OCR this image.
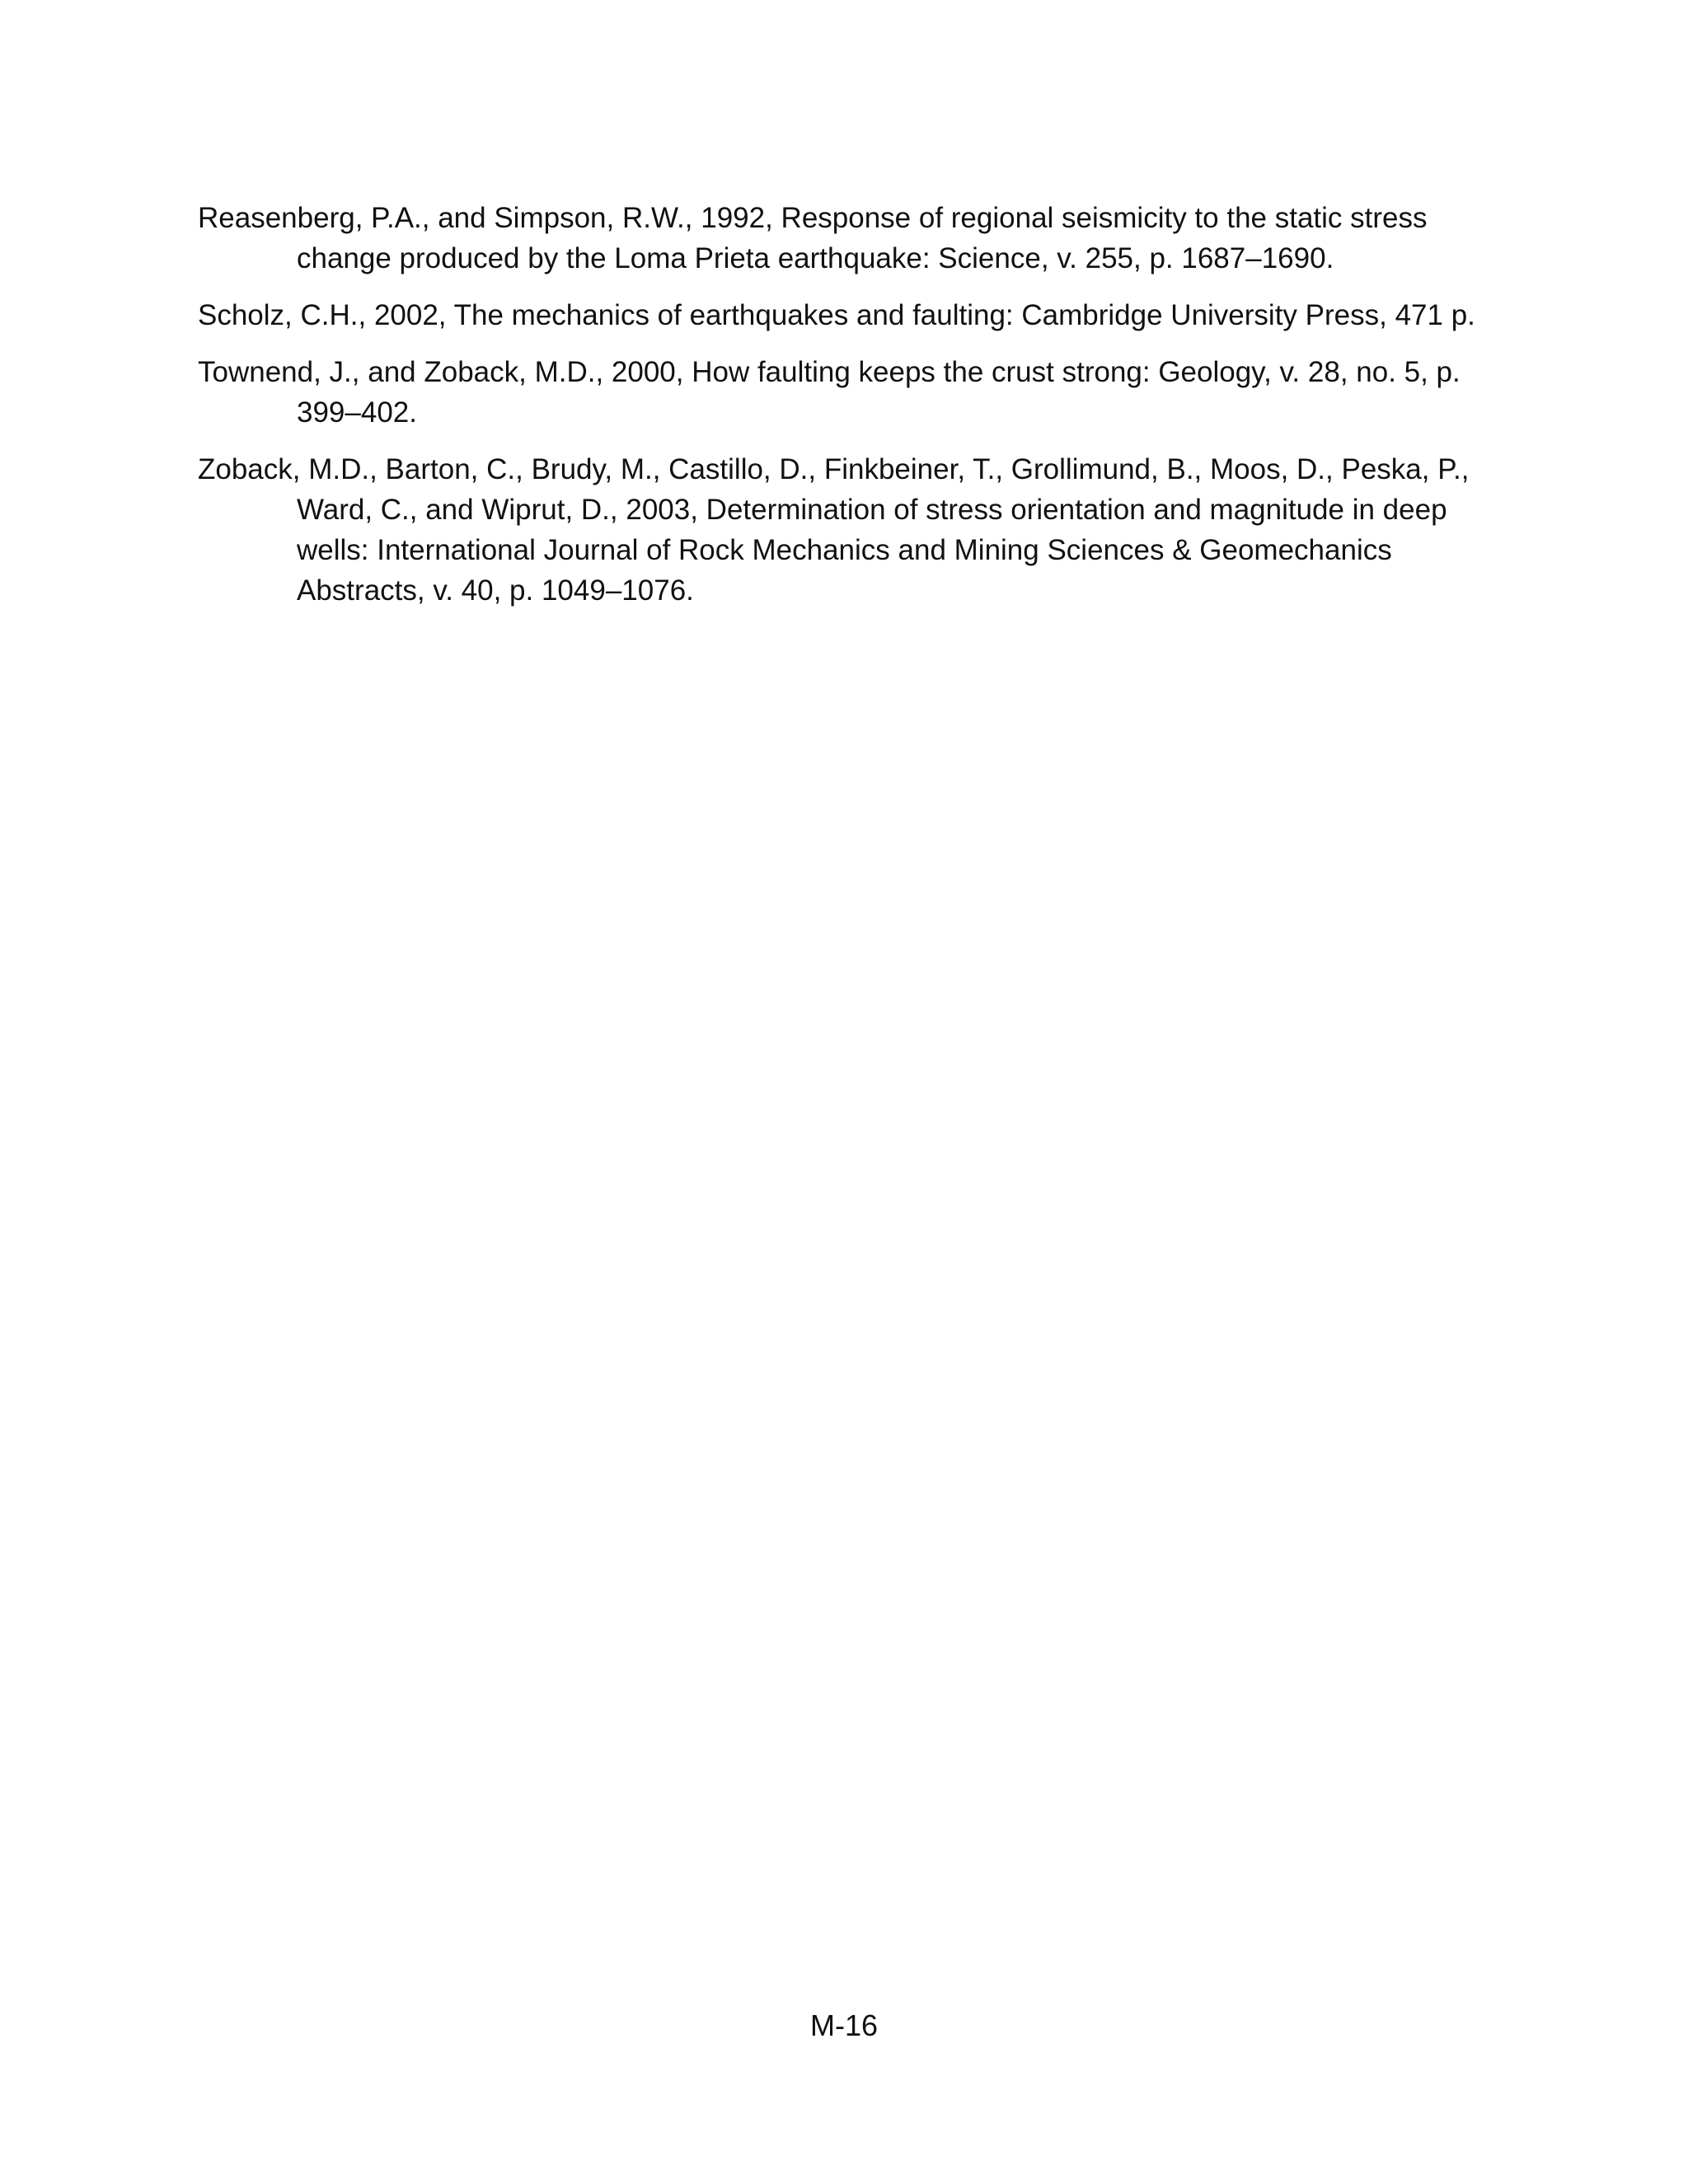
Reasenberg, P.A., and Simpson, R.W., 1992, Response of regional seismicity to the static stress change produced by the Loma Prieta earthquake: Science, v. 255, p. 1687–1690.

Scholz, C.H., 2002, The mechanics of earthquakes and faulting: Cambridge University Press, 471 p.

Townend, J., and Zoback, M.D., 2000, How faulting keeps the crust strong: Geology, v. 28, no. 5, p. 399–402.

Zoback, M.D., Barton, C., Brudy, M., Castillo, D., Finkbeiner, T., Grollimund, B., Moos, D., Peska, P., Ward, C., and Wiprut, D., 2003, Determination of stress orientation and magnitude in deep wells: International Journal of Rock Mechanics and Mining Sciences & Geomechanics Abstracts, v. 40, p. 1049–1076.

M-16
